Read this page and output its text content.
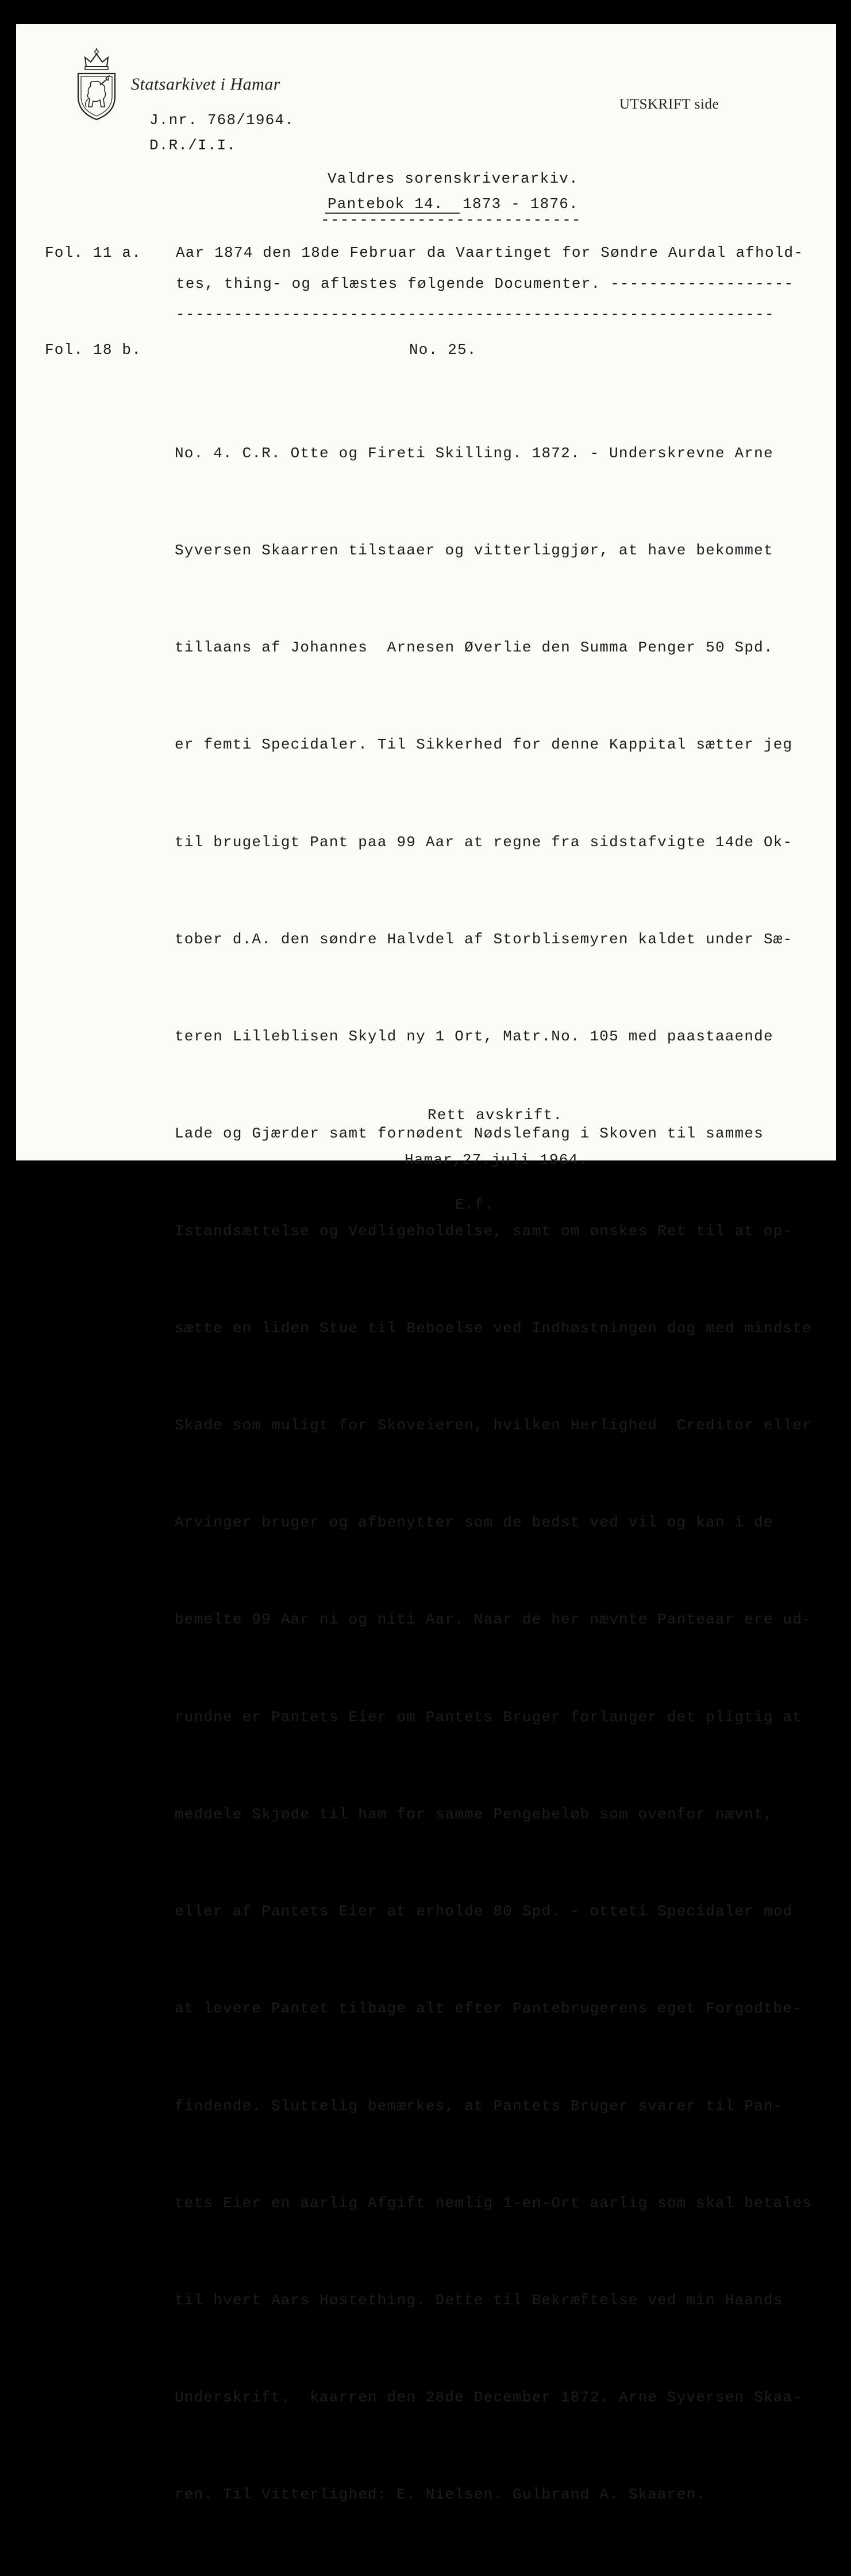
Statsarkivet i Hamar

UTSKRIFT side

J.nr. 768/1964.

D.R./I.I.

Valdres sorenskriverarkiv.

Pantebok 14.  1873 - 1876.

---------------------------

Fol. 11 a. Aar 1874 den 18de Februar da Vaartinget for Søndre Aurdal afhold-

tes, thing- og aflæstes følgende Documenter. -------------------

--------------------------------------------------------------

Fol. 18 b.	No. 25.

No. 4. C.R. Otte og Fireti Skilling. 1872. - Underskrevne Arne

Syversen Skaarren tilstaaer og vitterliggjør, at have bekommet

tillaans af Johannes  Arnesen Øverlie den Summa Penger 50 Spd.

er femti Specidaler. Til Sikkerhed for denne Kappital sætter jeg

til brugeligt Pant paa 99 Aar at regne fra sidstafvigte 14de Ok-

tober d.A. den søndre Halvdel af Storblisemyren kaldet under Sæ-

teren Lilleblisen Skyld ny 1 Ort, Matr.No. 105 med paastaaende

Lade og Gjærder samt fornødent Nødslefang i Skoven til sammes

Istandsættelse og Vedligeholdelse, samt om ønskes Ret til at op-

sætte en liden Stue til Beboelse ved Indhøstningen dog med mindste

Skade som muligt for Skoveieren, hvilken Herlighed  Creditor eller

Arvinger bruger og afbenytter som de bedst ved vil og kan i de

bemelte 99 Aar ni og niti Aar. Naar de her nævnte Panteaar ere ud-

rundne er Pantets Eier om Pantets Bruger forlanger det pligtig at

meddele Skjøde til ham for samme Pengebeløb som ovenfor nævnt,

eller af Pantets Eier at erholde 80 Spd. - otteti Specidaler mod

at levere Pantet tilbage alt efter Pantebrugerens eget Forgodtbe-

findende. Sluttelig bemærkes, at Pantets Bruger svarer til Pan-

tets Eier en aarlig Afgift nemlig 1-en-Ort aarlig som skal betales

til hvert Aars Høstething. Dette til Bekræftelse ved min Haands

Underskrift.  kaarren den 28de December 1872. Arne Syversen Skaa-

ren. Til Vitterlighed: E. Nielsen. Gulbrand A. Skaaren.

Rett avskrift.

Hamar,27.juli 1964.

E.f.
